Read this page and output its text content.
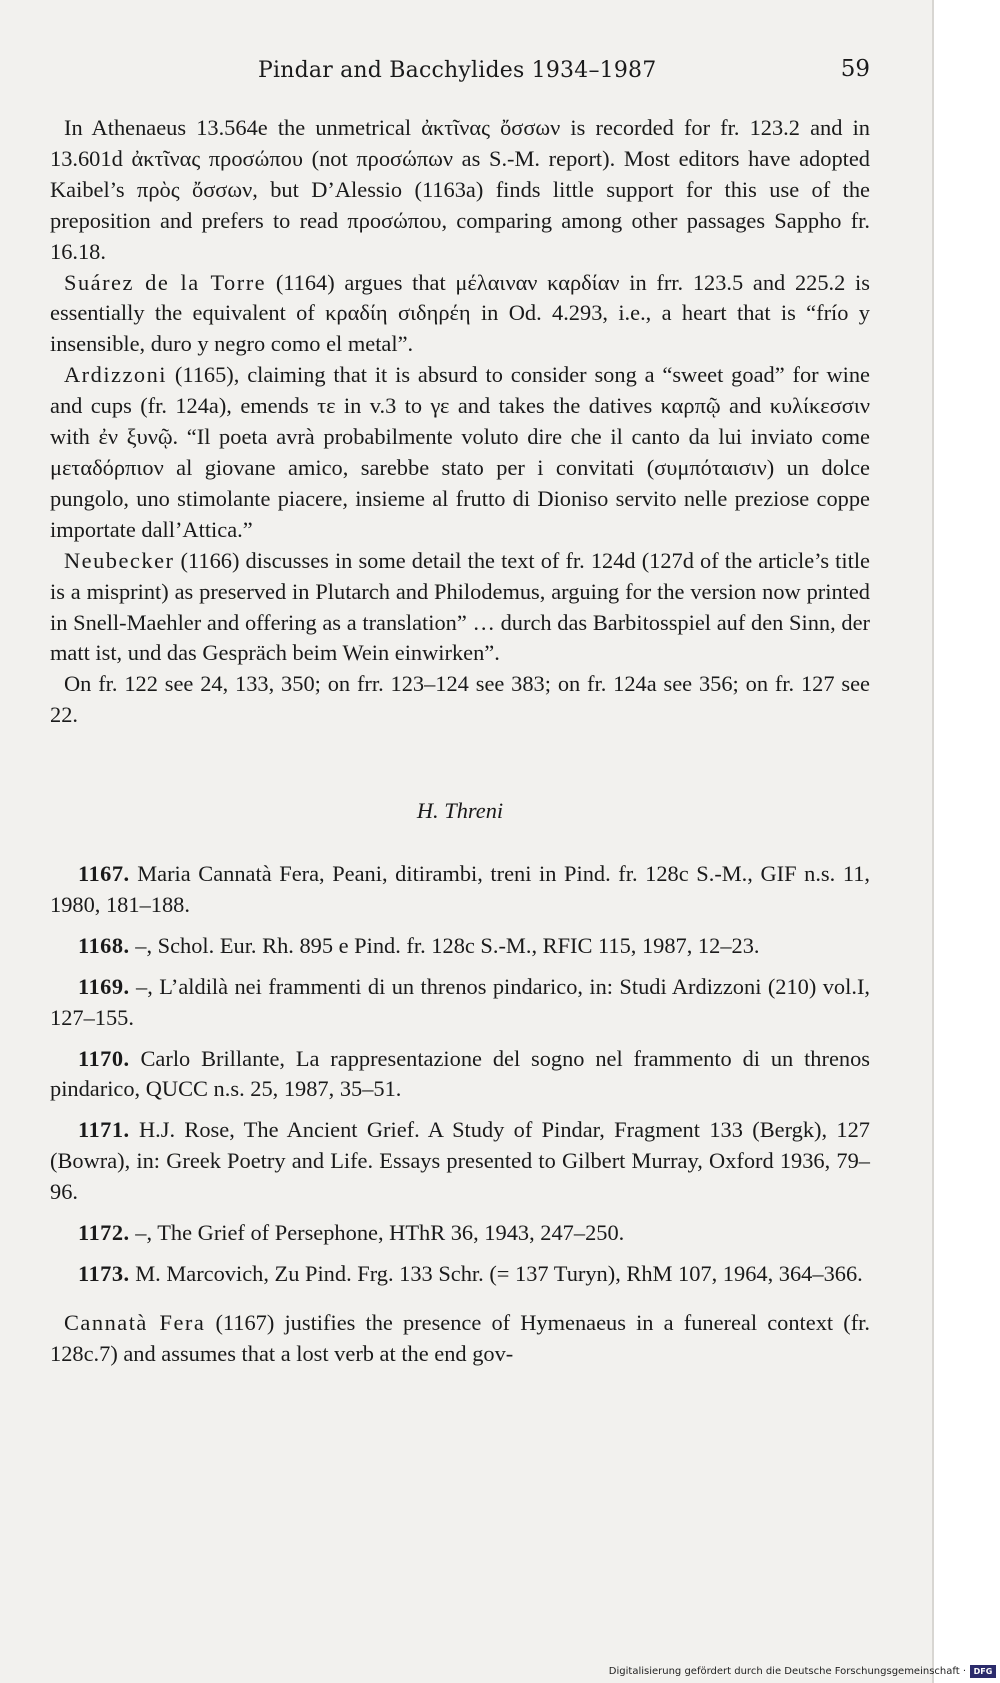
Pindar and Bacchylides 1934–1987	59

In Athenaeus 13.564e the unmetrical ἀκτῖνας ὄσσων is recorded for fr. 123.2 and in 13.601d ἀκτῖνας προσώπου (not προσώπων as S.-M. report). Most editors have adopted Kaibel’s πρὸς ὄσσων, but D’Alessio (1163a) finds little support for this use of the preposition and prefers to read προσώπου, comparing among other passages Sappho fr. 16.18.

Suárez de la Torre (1164) argues that μέλαιναν καρδίαν in frr. 123.5 and 225.2 is essentially the equivalent of κραδίη σιδηρέη in Od. 4.293, i.e., a heart that is “frío y insensible, duro y negro como el metal”.

Ardizzoni (1165), claiming that it is absurd to consider song a “sweet goad” for wine and cups (fr. 124a), emends τε in v.3 to γε and takes the datives καρπῷ and κυλίκεσσιν with ἐν ξυνῷ. “Il poeta avrà probabilmente voluto dire che il canto da lui inviato come μεταδόρπιον al giovane amico, sarebbe stato per i convitati (συμπόταισιν) un dolce pungolo, uno stimolante piacere, insieme al frutto di Dioniso servito nelle preziose coppe importate dall’Attica.”

Neubecker (1166) discusses in some detail the text of fr. 124d (127d of the article’s title is a misprint) as preserved in Plutarch and Philodemus, arguing for the version now printed in Snell-Maehler and offering as a translation” … durch das Barbitosspiel auf den Sinn, der matt ist, und das Gespräch beim Wein einwirken”.

On fr. 122 see 24, 133, 350; on frr. 123–124 see 383; on fr. 124a see 356; on fr. 127 see 22.

H. Threni

1167. Maria Cannatà Fera, Peani, ditirambi, treni in Pind. fr. 128c S.-M., GIF n.s. 11, 1980, 181–188.

1168. –, Schol. Eur. Rh. 895 e Pind. fr. 128c S.-M., RFIC 115, 1987, 12–23.

1169. –, L’aldilà nei frammenti di un threnos pindarico, in: Studi Ardizzoni (210) vol.I, 127–155.

1170. Carlo Brillante, La rappresentazione del sogno nel frammento di un threnos pindarico, QUCC n.s. 25, 1987, 35–51.

1171. H.J. Rose, The Ancient Grief. A Study of Pindar, Fragment 133 (Bergk), 127 (Bowra), in: Greek Poetry and Life. Essays presented to Gilbert Murray, Oxford 1936, 79–96.

1172. –, The Grief of Persephone, HThR 36, 1943, 247–250.

1173. M. Marcovich, Zu Pind. Frg. 133 Schr. (= 137 Turyn), RhM 107, 1964, 364–366.

Cannatà Fera (1167) justifies the presence of Hymenaeus in a funereal context (fr. 128c.7) and assumes that a lost verb at the end gov-

Digitalisierung gefördert durch die Deutsche Forschungsgemeinschaft · DFG
